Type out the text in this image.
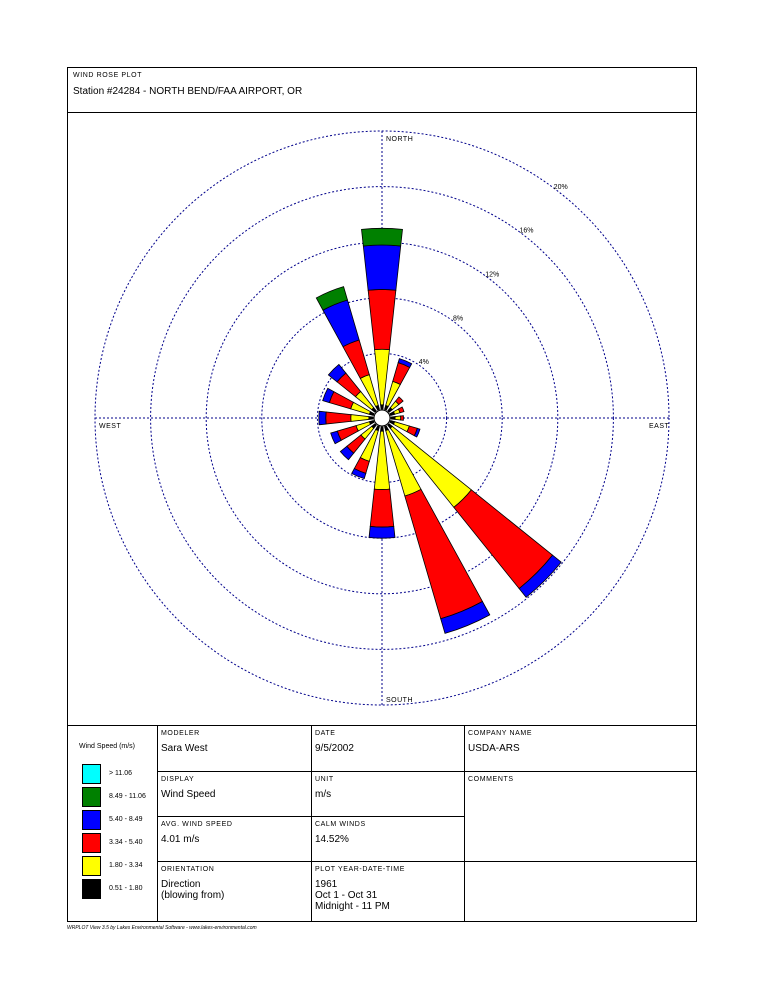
WIND ROSE PLOT
Station #24284 - NORTH BEND/FAA AIRPORT, OR
4%
8%
12%
16%
20%
NORTH
SOUTH
EAST
WEST
Wind Speed (m/s)
> 11.06
8.49 - 11.06
5.40 - 8.49
3.34 - 5.40
1.80 - 3.34
0.51 - 1.80
MODELER
Sara West
DATE
9/5/2002
COMPANY NAME
USDA-ARS
DISPLAY
Wind Speed
UNIT
m/s
COMMENTS
AVG. WIND SPEED
4.01 m/s
CALM WINDS
14.52%
ORIENTATION
Direction
(blowing from)
PLOT YEAR-DATE-TIME
1961
Oct 1 - Oct 31
Midnight - 11 PM
WRPLOT View 3.5 by Lakes Environmental Software - www.lakes-environmental.com
